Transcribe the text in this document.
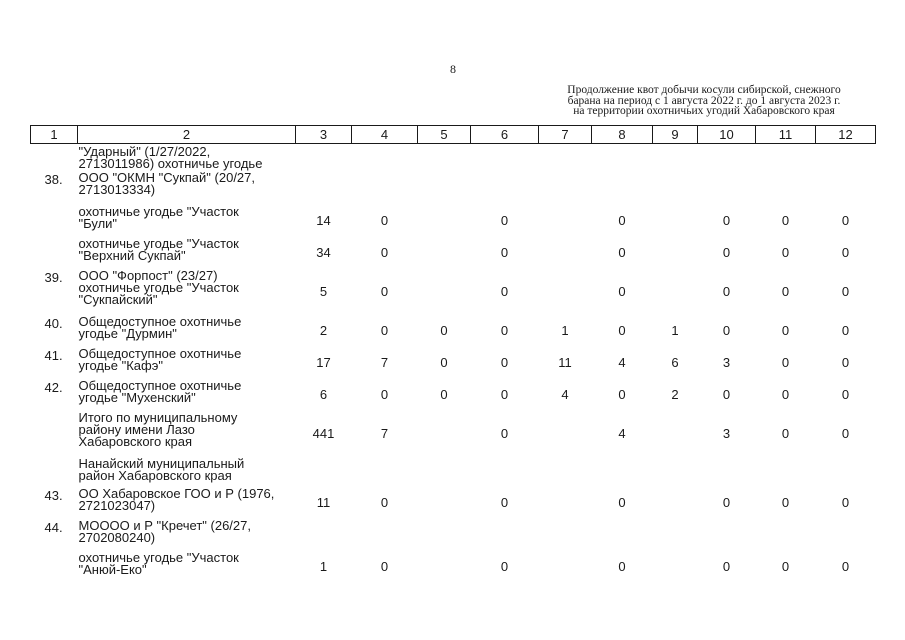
8
Продолжение квот добычи косули сибирской, снежного
барана на период с 1 августа 2022 г. до 1 августа 2023 г.
на территории охотничьих угодий Хабаровского края
1	2	3	4	5	6	7	8	9	10	11	12

	"Ударный" (1/27/2022,
2713011986) охотничье угодье										

38.	ООО "ОКМН "Сукпай" (20/27,
2713013334)										

	охотничье угодье "Участок
"Були"	14	0		0		0		0	0	0

	охотничье угодье "Участок
"Верхний Сукпай"	34	0		0		0		0	0	0
39.	ООО "Форпост" (23/27)
охотничье угодье "Участок
"Сукпайский"	5	0		0		0		0	0	0
40.	Общедоступное охотничье
угодье "Дурмин"	2	0	0	0	1	0	1	0	0	0
41.	Общедоступное охотничье
угодье "Кафэ"	17	7	0	0	11	4	6	3	0	0
42.	Общедоступное охотничье
угодье "Мухенский"	6	0	0	0	4	0	2	0	0	0

	Итого по муниципальному
району имени Лазо
Хабаровского края	441	7		0		4		3	0	0

	Нанайский муниципальный
район Хабаровского края										

43.	ОО Хабаровское ГОО и Р (1976,
2721023047)	11	0		0		0		0	0	0
44.	МОООО и Р "Кречет" (26/27,
2702080240)										

	охотничье угодье "Участок
"Анюй-Еко"	1	0		0		0		0	0	0
